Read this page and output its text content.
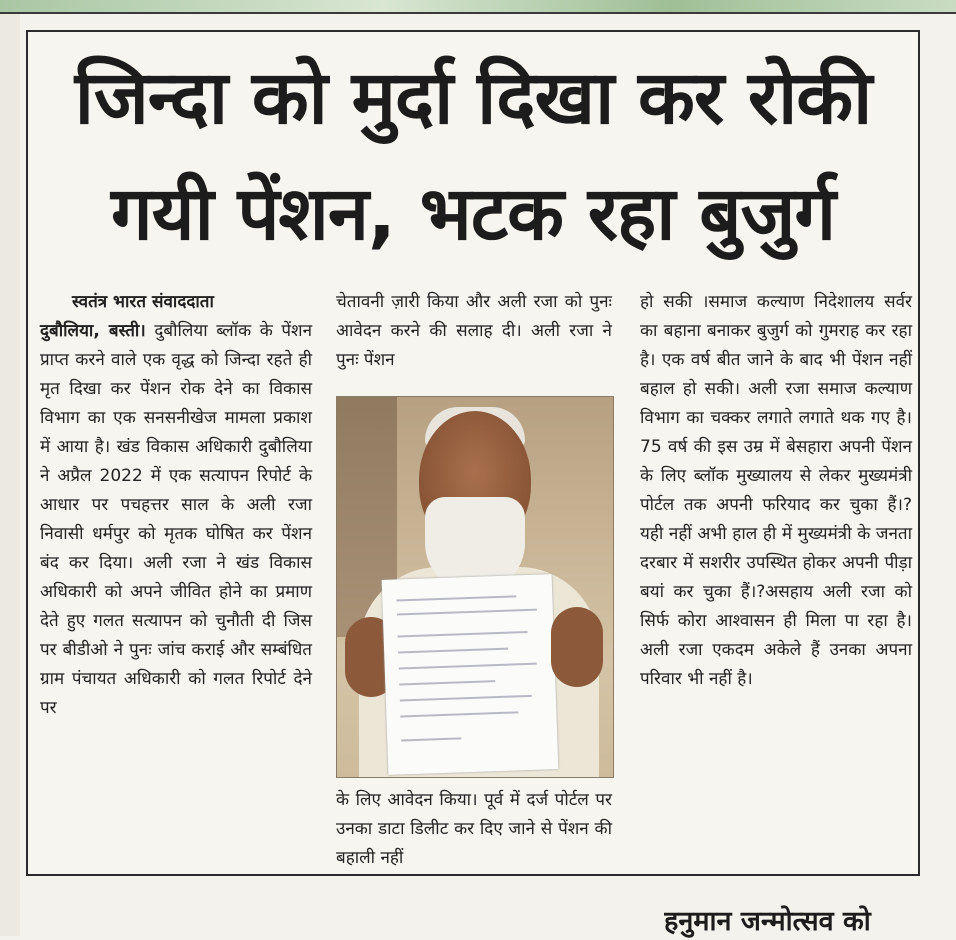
जिन्दा को मुर्दा दिखा कर रोकी
गयी पेंशन, भटक रहा बुजुर्ग

स्वतंत्र भारत संवाददाता

दुबौलिया, बस्ती। दुबौलिया ब्लॉक के पेंशन प्राप्त करने वाले एक वृद्ध को जिन्दा रहते ही मृत दिखा कर पेंशन रोक देने का विकास विभाग का एक सनसनीखेज मामला प्रकाश में आया है। खंड विकास अधिकारी दुबौलिया ने अप्रैल 2022 में एक सत्यापन रिपोर्ट के आधार पर पचहत्तर साल के अली रजा निवासी धर्मपुर को मृतक घोषित कर पेंशन बंद कर दिया। अली रजा ने खंड विकास अधिकारी को अपने जीवित होने का प्रमाण देते हुए गलत सत्यापन को चुनौती दी जिस पर बीडीओ ने पुनः जांच कराई और सम्बंधित ग्राम पंचायत अधिकारी को गलत रिपोर्ट देने पर

चेतावनी ज़ारी किया और अली रजा को पुनः आवेदन करने की सलाह दी। अली रजा ने पुनः पेंशन

के लिए आवेदन किया। पूर्व में दर्ज पोर्टल पर उनका डाटा डिलीट कर दिए जाने से पेंशन की बहाली नहीं

हो सकी ।समाज कल्याण निदेशालय सर्वर का बहाना बनाकर बुजुर्ग को गुमराह कर रहा है। एक वर्ष बीत जाने के बाद भी पेंशन नहीं बहाल हो सकी। अली रजा समाज कल्याण विभाग का चक्कर लगाते लगाते थक गए है। 75 वर्ष की इस उम्र में बेसहारा अपनी पेंशन के लिए ब्लॉक मुख्यालय से लेकर मुख्यमंत्री पोर्टल तक अपनी फरियाद कर चुका हैं।? यही नहीं अभी हाल ही में मुख्यमंत्री के जनता दरबार में सशरीर उपस्थित होकर अपनी पीड़ा बयां कर चुका हैं।?असहाय अली रजा को सिर्फ कोरा आश्वासन ही मिला पा रहा है। अली रजा एकदम अकेले हैं उनका अपना परिवार भी नहीं है।

हनुमान जन्मोत्सव को
